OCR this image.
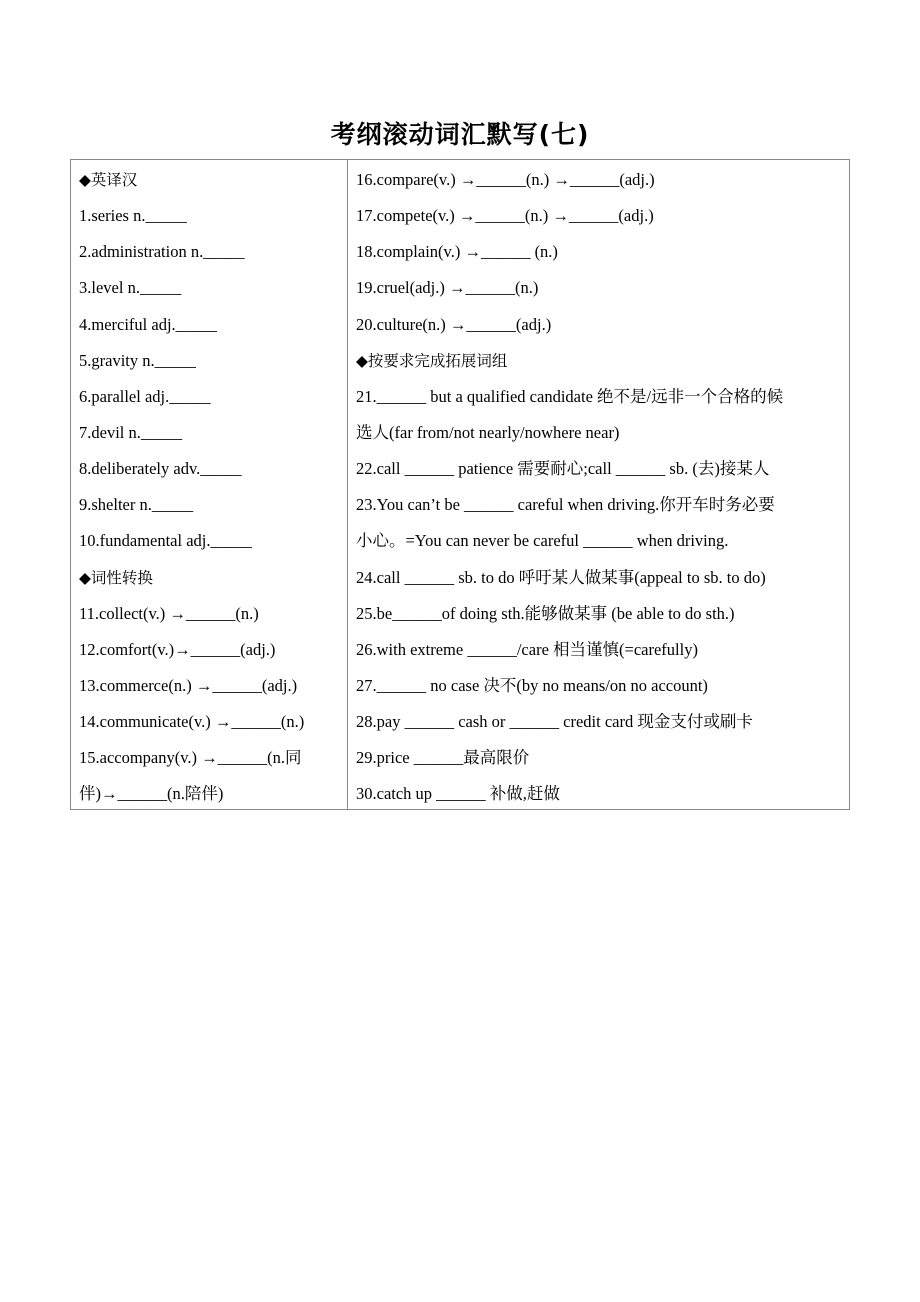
考纲滚动词汇默写(七)
◆英译汉
1.series n._____
2.administration n._____
3.level n._____
4.merciful adj._____
5.gravity n._____
6.parallel adj._____
7.devil n._____
8.deliberately adv._____
9.shelter n._____
10.fundamental adj._____
◆词性转换
11.collect(v.) →______(n.)
12.comfort(v.)→______(adj.)
13.commerce(n.) →______(adj.)
14.communicate(v.) →______(n.)
15.accompany(v.) →______(n.同
伴)→______(n.陪伴)
16.compare(v.) →______(n.) →______(adj.)
17.compete(v.) →______(n.) →______(adj.)
18.complain(v.) →______ (n.)
19.cruel(adj.) →______(n.)
20.culture(n.) →______(adj.)
◆按要求完成拓展词组
21.______ but a qualified candidate 绝不是/远非一个合格的候
选人(far from/not nearly/nowhere near)
22.call ______ patience 需要耐心;call ______ sb. (去)接某人
23.You can’t be ______ careful when driving.你开车时务必要
小心。=You can never be careful ______ when driving.
24.call ______ sb. to do 呼吁某人做某事(appeal to sb. to do)
25.be______of doing sth.能够做某事 (be able to do sth.)
26.with extreme ______/care 相当谨慎(=carefully)
27.______ no case 决不(by no means/on no account)
28.pay ______ cash or ______ credit card 现金支付或刷卡
29.price ______最高限价
30.catch up ______ 补做,赶做
